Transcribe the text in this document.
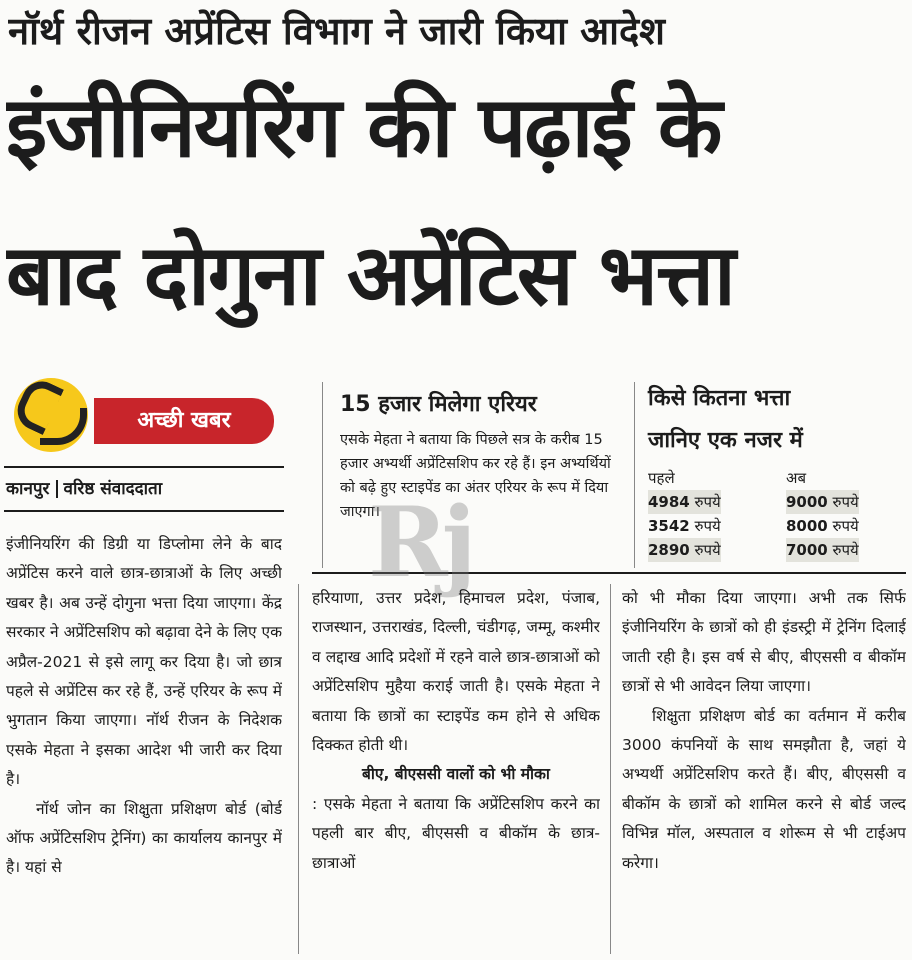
नॉर्थ रीजन अप्रेंटिस विभाग ने जारी किया आदेश
इंजीनियरिंग की पढ़ाई के
बाद दोगुना अप्रेंटिस भत्ता
अच्छी खबर
कानपुर वरिष्ठ संवाददाता
15 हजार मिलेगा एरियर
एसके मेहता ने बताया कि पिछले सत्र के करीब 15 हजार अभ्यर्थी अप्रेंटिसशिप कर रहे हैं। इन अभ्यर्थियों को बढ़े हुए स्टाइपेंड का अंतर एरियर के रूप में दिया जाएगा।
किसे कितना भत्ता
जानिए एक नजर में
पहले	अब
4984 रुपये	9000 रुपये
3542 रुपये	8000 रुपये
2890 रुपये	7000 रुपये
Rj

इंजीनियरिंग की डिग्री या डिप्लोमा लेने के बाद अप्रेंटिस करने वाले छात्र-छात्राओं के लिए अच्छी खबर है। अब उन्हें दोगुना भत्ता दिया जाएगा। केंद्र सरकार ने अप्रेंटिसशिप को बढ़ावा देने के लिए एक अप्रैल-2021 से इसे लागू कर दिया है। जो छात्र पहले से अप्रेंटिस कर रहे हैं, उन्हें एरियर के रूप में भुगतान किया जाएगा। नॉर्थ रीजन के निदेशक एसके मेहता ने इसका आदेश भी जारी कर दिया है।

नॉर्थ जोन का शिक्षुता प्रशिक्षण बोर्ड (बोर्ड ऑफ अप्रेंटिसशिप ट्रेनिंग) का कार्यालय कानपुर में है। यहां से

हरियाणा, उत्तर प्रदेश, हिमाचल प्रदेश, पंजाब, राजस्थान, उत्तराखंड, दिल्ली, चंडीगढ़, जम्मू, कश्मीर व लद्दाख आदि प्रदेशों में रहने वाले छात्र-छात्राओं को अप्रेंटिसशिप मुहैया कराई जाती है। एसके मेहता ने बताया कि छात्रों का स्टाइपेंड कम होने से अधिक दिक्कत होती थी।

बीए, बीएससी वालों को भी मौका

: एसके मेहता ने बताया कि अप्रेंटिसशिप करने का पहली बार बीए, बीएससी व बीकॉम के छात्र-छात्राओं

को भी मौका दिया जाएगा। अभी तक सिर्फ इंजीनियरिंग के छात्रों को ही इंडस्ट्री में ट्रेनिंग दिलाई जाती रही है। इस वर्ष से बीए, बीएससी व बीकॉम छात्रों से भी आवेदन लिया जाएगा।

शिक्षुता प्रशिक्षण बोर्ड का वर्तमान में करीब 3000 कंपनियों के साथ समझौता है, जहां ये अभ्यर्थी अप्रेंटिसशिप करते हैं। बीए, बीएससी व बीकॉम के छात्रों को शामिल करने से बोर्ड जल्द विभिन्न मॉल, अस्पताल व शोरूम से भी टाईअप करेगा।
